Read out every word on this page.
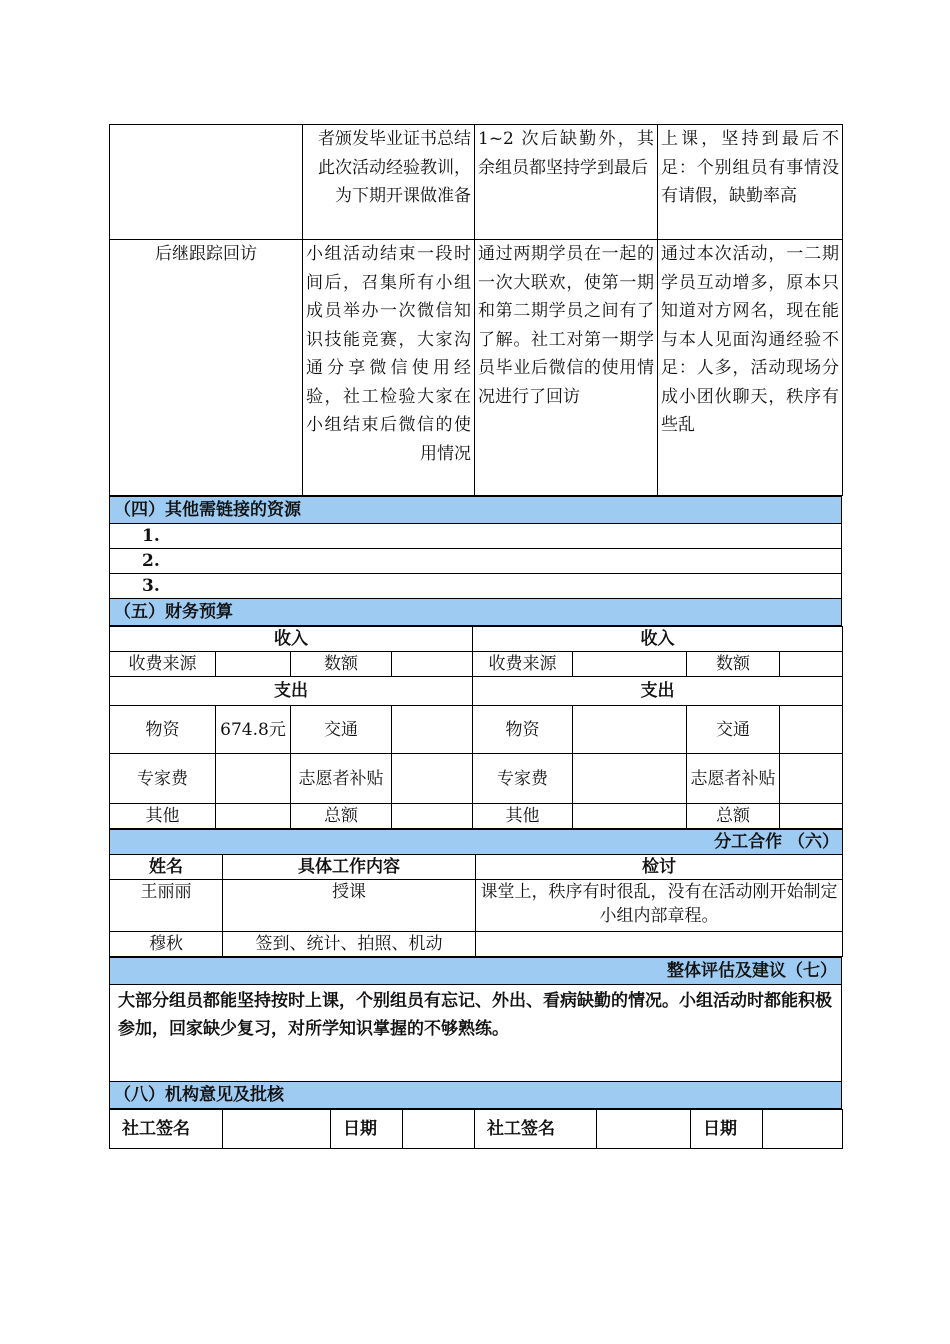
	者颁发毕业证书总结此次活动经验教训，为下期开课做准备	1~2 次后缺勤外，其余组员都坚持学到最后	上课，坚持到最后不足：个别组员有事情没有请假，缺勤率高
后继跟踪回访	小组活动结束一段时间后，召集所有小组成员举办一次微信知识技能竞赛，大家沟通分享微信使用经验，社工检验大家在小组结束后微信的使用情况	通过两期学员在一起的一次大联欢，使第一期和第二期学员之间有了了解。社工对第一期学员毕业后微信的使用情况进行了回访	通过本次活动，一二期学员互动增多，原本只知道对方网名，现在能与本人见面沟通经验不足：人多，活动现场分成小团伙聊天，秩序有些乱
（四）其他需链接的资源
1.
2.
3.
（五）财务预算
收入				收入			
收费来源		数额		收费来源		数额	
支出				支出			
物资	674.8元	交通		物资		交通	
专家费		志愿者补贴		专家费		志愿者补贴	
其他		总额		其他		总额	
分工合作 （六）		
姓名	具体工作内容	检讨
王丽丽	授课	课堂上，秩序有时很乱，没有在活动刚开始制定小组内部章程。
穆秋	签到、统计、拍照、机动	
整体评估及建议（七）
大部分组员都能坚持按时上课，个别组员有忘记、外出、看病缺勤的情况。小组活动时都能积极参加，回家缺少复习，对所学知识掌握的不够熟练。
（八）机构意见及批核
社工签名		日期		社工签名		日期	
